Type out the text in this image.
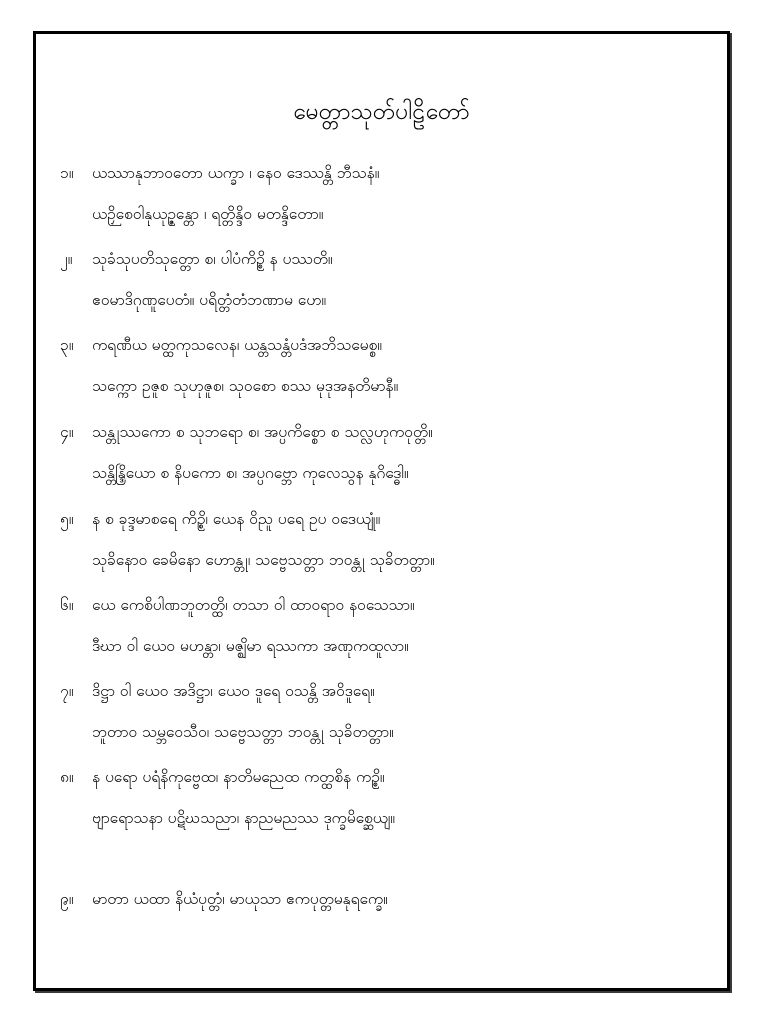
မေတ္တာသုတ်ပါဠိတော်
၁။	ယဿာနုဘာဝတော ယက္ခာ ၊ နေဝ ဒေဿန္တိ ဘီသနံ။
ယဉှိစေဝါနုယုဉ္ဇန္တော ၊ ရတ္တိန္ဒိဝ မတန္ဒိတော။
၂။	သုခံသုပတိသုတ္တော စ၊ ပါပံကိဉ္စိ န ပဿတိ။
ဧဝမာဒိဂုဏူပေတံ။ ပရိတ္တံတံဘဏာမ ဟေ။
၃။	ကရဏီယ မတ္ထကုသလေန၊ ယန္တသန္တံပဒံအဘိသမေစ္စ။
သက္ကော ဥဇူစ သုဟုဇူစ၊ သုဝစော စဿ မုဒုအနတိမာနီ။
၄။	သန္တုဿကော စ သုဘရော စ၊ အပ္ပကိစ္စော စ သလ္လဟုကဝုတ္တိ။
သန္တိန္ဒြိယော စ နိပကော စ၊ အပ္ပဂဗ္ဘော ကုလေသွန နုဂိဒ္ဓေါ။
၅။	န စ ခုဒ္ဒမာစရေ ကိဉ္စိ၊ ယေန ဝိညူ ပရေ ဥပ ဝဒေယျုံ။
သုခိနောဝ ခေမိနော ဟောန္တု၊ သဗ္ဗေသတ္တာ ဘဝန္တု သုခိတတ္တာ။
၆။	ယေ ကေစိပါဏဘူတတ္ထိ၊ တသာ ဝါ ထာဝရာဝ နဝသေသာ။
ဒီဃာ ဝါ ယေဝ မဟန္တာ၊ မဇ္ဈိမာ ရဿကာ အဏုကထူလာ။
၇။	ဒိဋ္ဌာ ဝါ ယေဝ အဒိဋ္ဌာ၊ ယေဝ ဒူရေ ဝသန္တိ အဝိဒူရေ။
ဘူတာဝ သမ္ဘဝေသီဝ၊ သဗ္ဗေသတ္တာ ဘဝန္တု သုခိတတ္တာ။
၈။	န ပရော ပရံနိကုဗ္ဗေထ၊ နာတိမညေထ ကတ္ထစိန ကဉ္စိ။
ဗျာရောသနာ ပဋိဃသညာ၊ နာညမညဿ ဒုက္ခမိစ္ဆေယျ။
၉။	မာတာ ယထာ နိယံပုတ္တံ၊ မာယုသာ ဧကပုတ္တမနုရက္ခေ။
